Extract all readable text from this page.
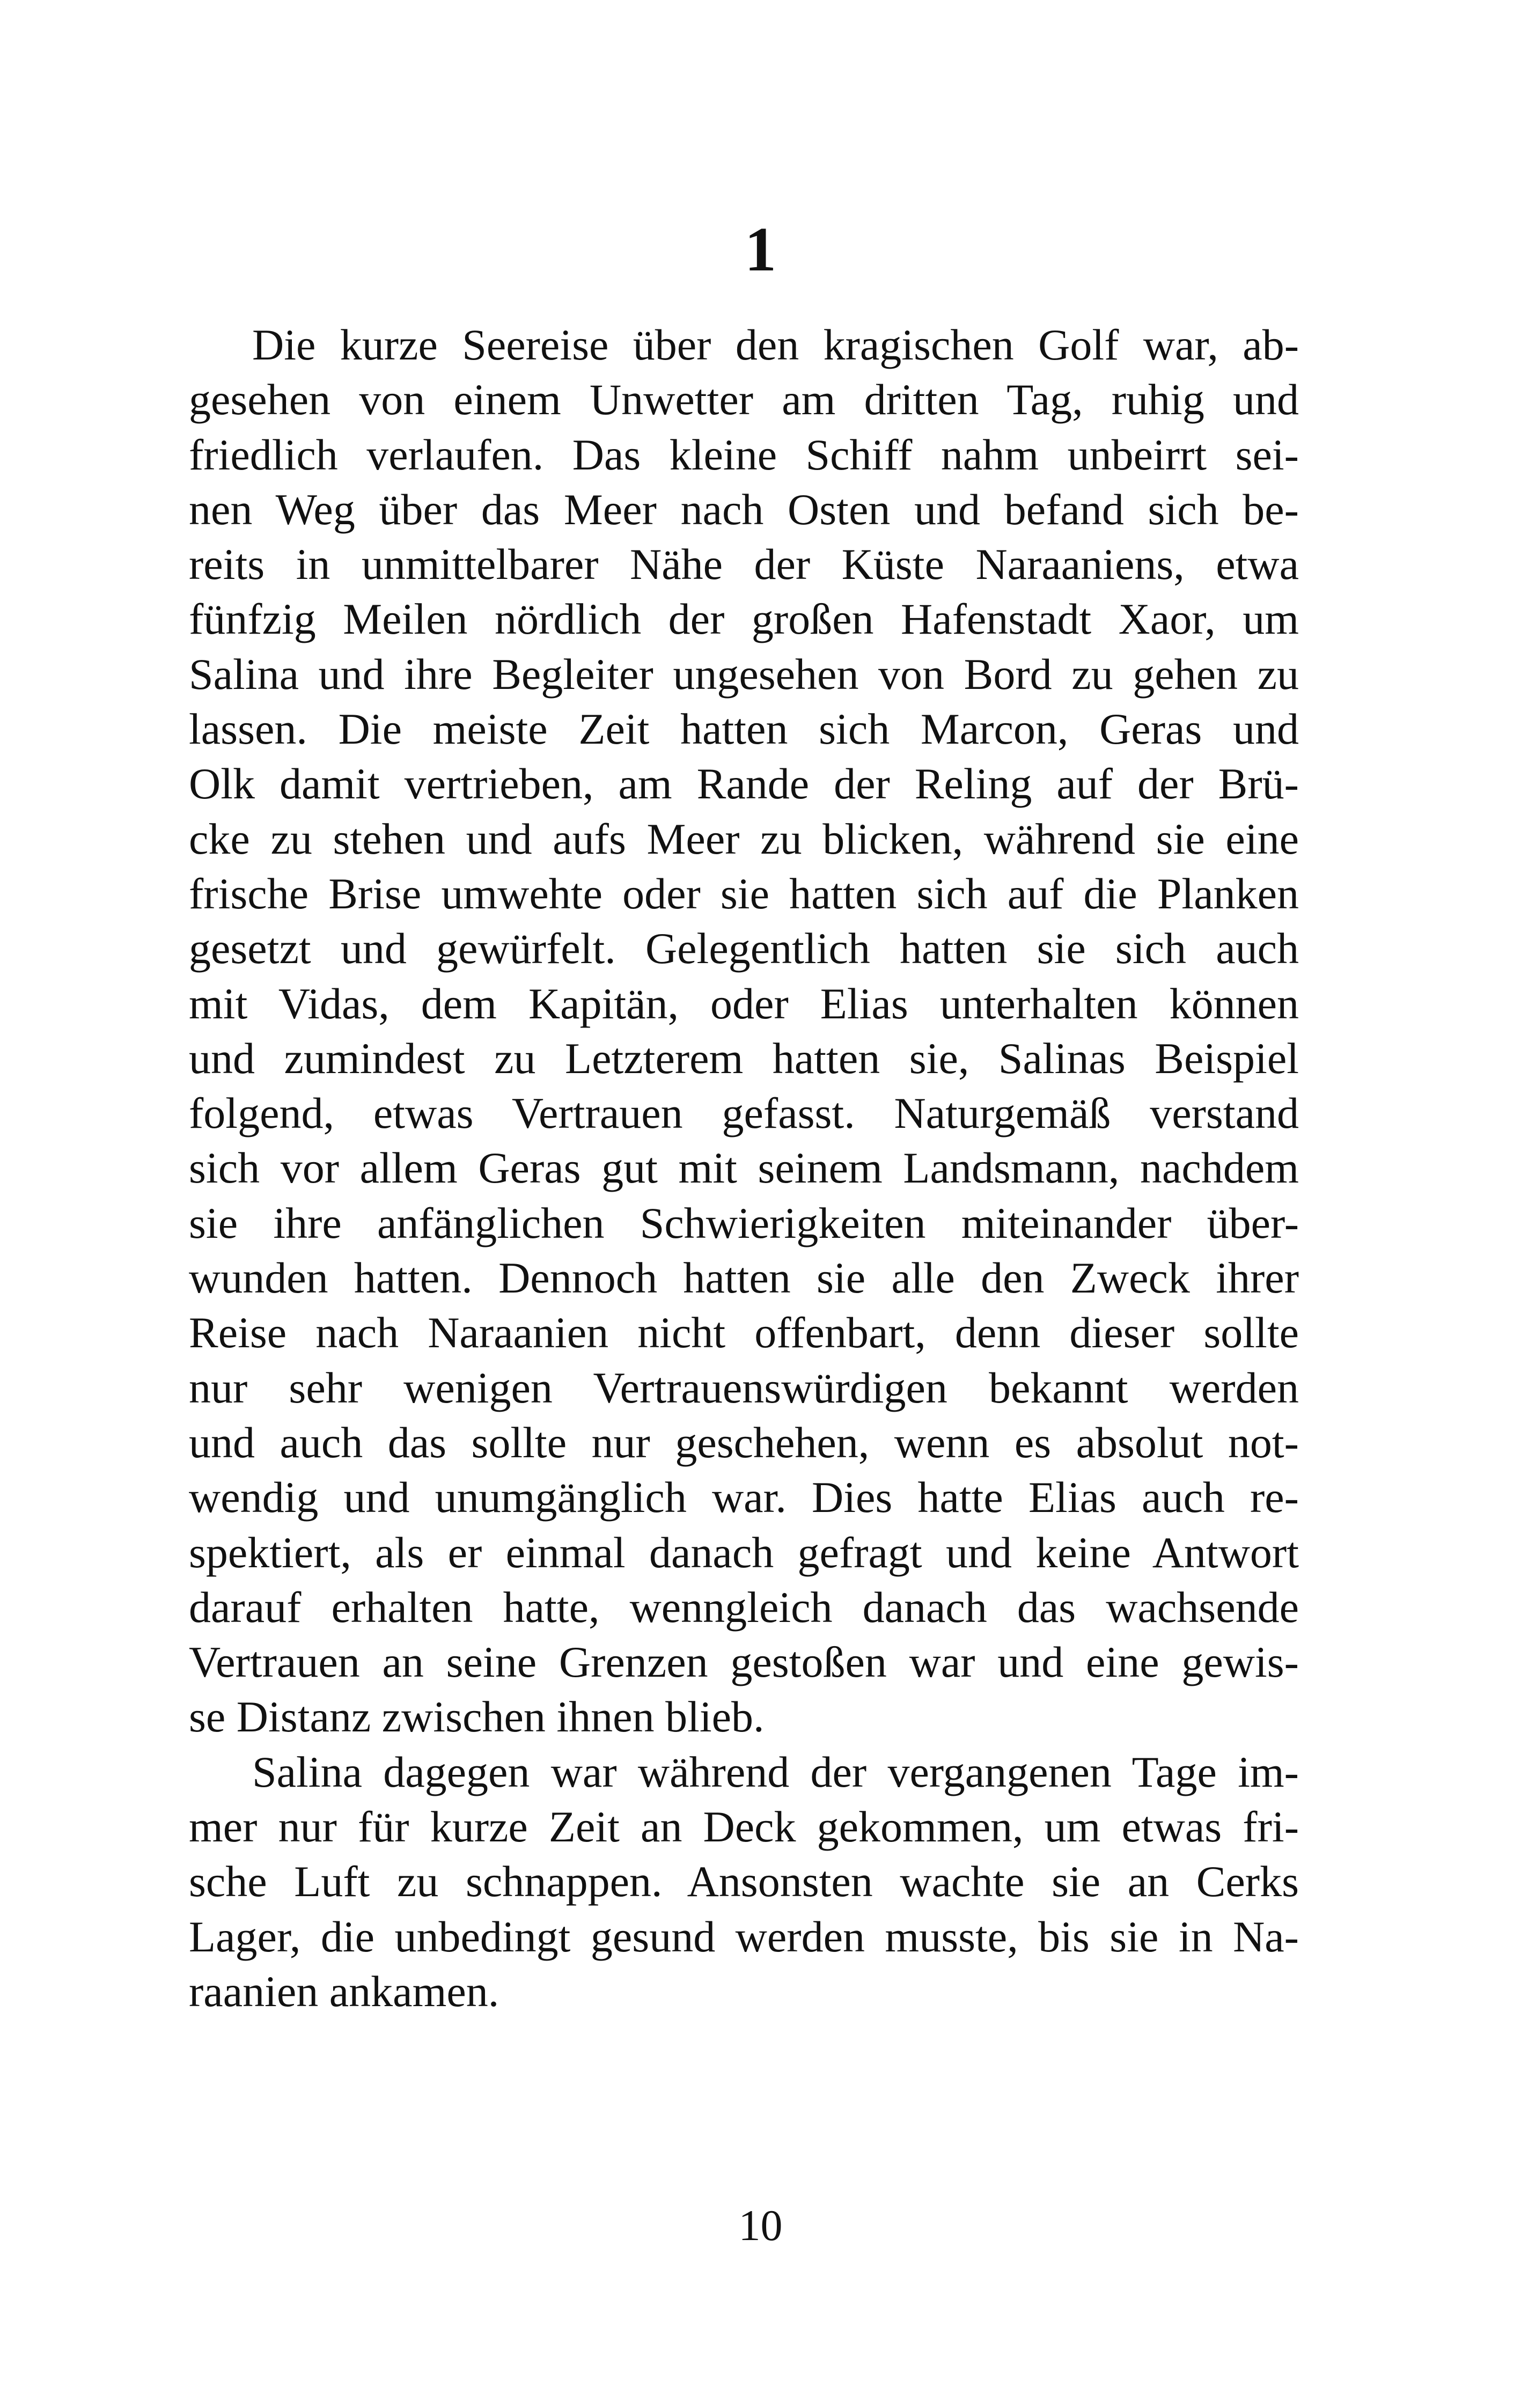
1
Die kurze Seereise über den kragischen Golf war, ab-
gesehen von einem Unwetter am dritten Tag, ruhig und
friedlich verlaufen. Das kleine Schiff nahm unbeirrt sei-
nen Weg über das Meer nach Osten und befand sich be-
reits in unmittelbarer Nähe der Küste Naraaniens, etwa
fünfzig Meilen nördlich der großen Hafenstadt Xaor, um
Salina und ihre Begleiter ungesehen von Bord zu gehen zu
lassen. Die meiste Zeit hatten sich Marcon, Geras und
Olk damit vertrieben, am Rande der Reling auf der Brü-
cke zu stehen und aufs Meer zu blicken, während sie eine
frische Brise umwehte oder sie hatten sich auf die Planken
gesetzt und gewürfelt. Gelegentlich hatten sie sich auch
mit Vidas, dem Kapitän, oder Elias unterhalten können
und zumindest zu Letzterem hatten sie, Salinas Beispiel
folgend, etwas Vertrauen gefasst. Naturgemäß verstand
sich vor allem Geras gut mit seinem Landsmann, nachdem
sie ihre anfänglichen Schwierigkeiten miteinander über-
wunden hatten. Dennoch hatten sie alle den Zweck ihrer
Reise nach Naraanien nicht offenbart, denn dieser sollte
nur sehr wenigen Vertrauenswürdigen bekannt werden
und auch das sollte nur geschehen, wenn es absolut not-
wendig und unumgänglich war. Dies hatte Elias auch re-
spektiert, als er einmal danach gefragt und keine Antwort
darauf erhalten hatte, wenngleich danach das wachsende
Vertrauen an seine Grenzen gestoßen war und eine gewis-
se Distanz zwischen ihnen blieb.
Salina dagegen war während der vergangenen Tage im-
mer nur für kurze Zeit an Deck gekommen, um etwas fri-
sche Luft zu schnappen. Ansonsten wachte sie an Cerks
Lager, die unbedingt gesund werden musste, bis sie in Na-
raanien ankamen.
10
